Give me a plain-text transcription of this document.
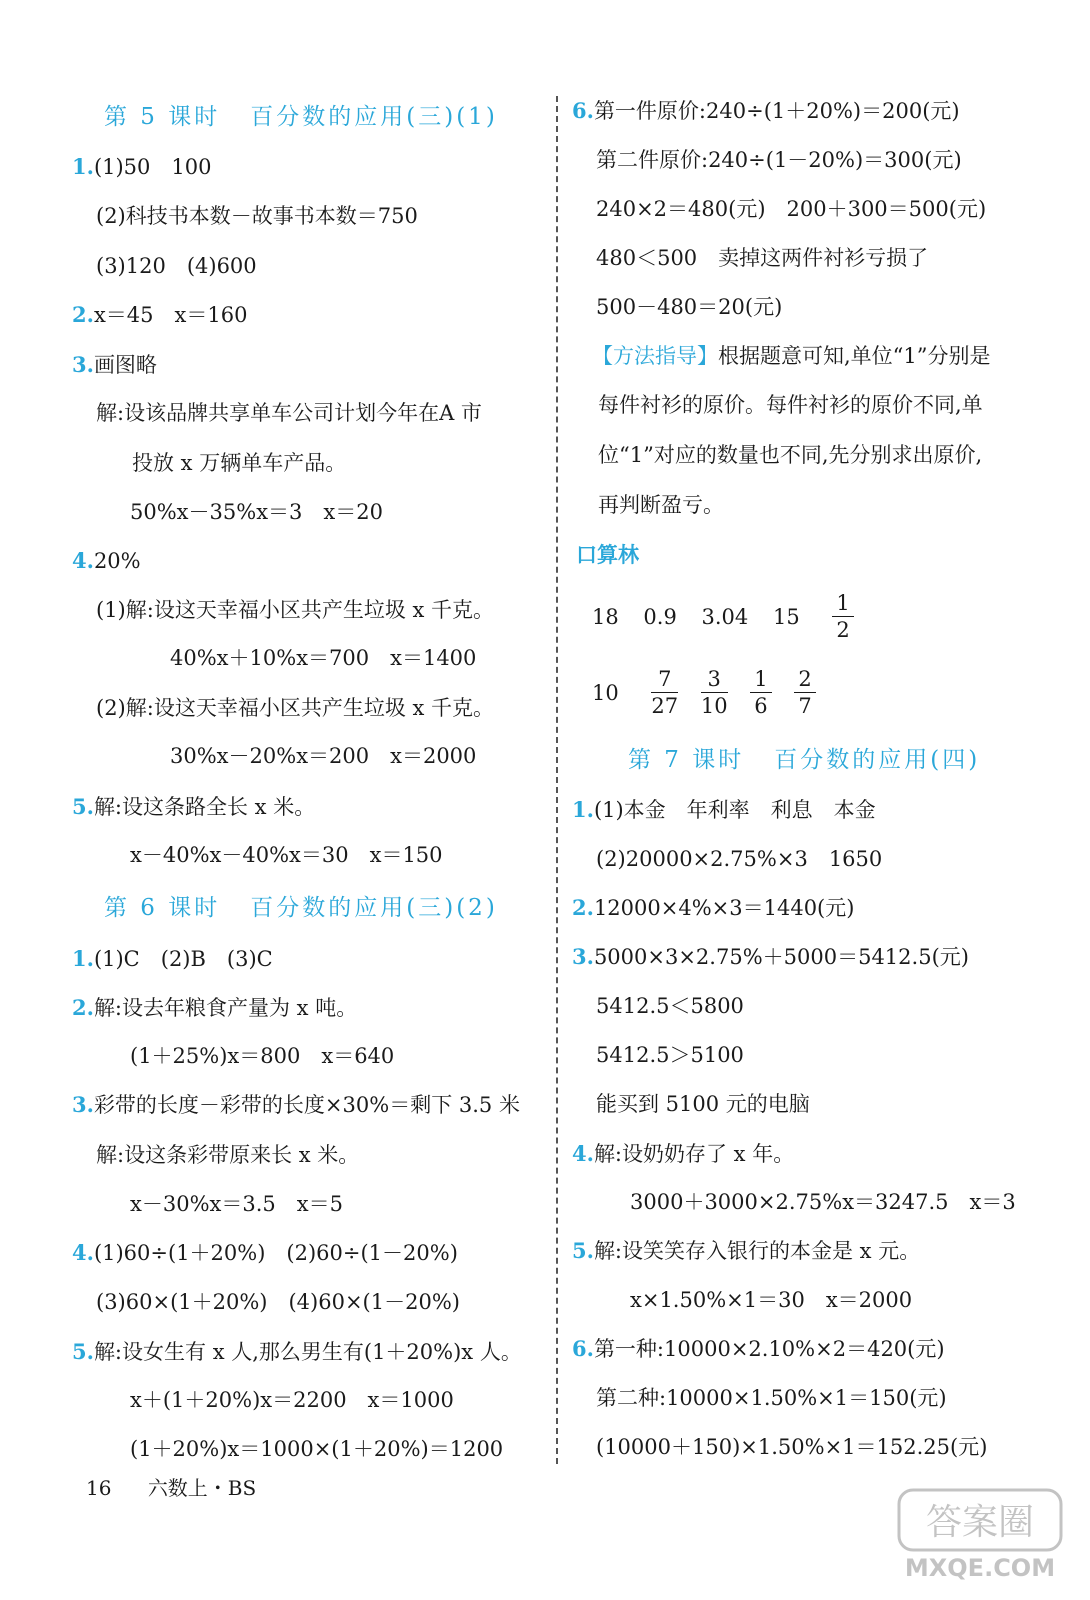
第 5 课时 百分数的应用(三)(1)
1.(1)50　100
(2)科技书本数－故事书本数＝750
(3)120　(4)600
2.x＝45　x＝160
3.画图略
解:设该品牌共享单车公司计划今年在A 市
投放 x 万辆单车产品。
50%x－35%x＝3　x＝20
4.20%
(1)解:设这天幸福小区共产生垃圾 x 千克。
40%x＋10%x＝700　x＝1400
(2)解:设这天幸福小区共产生垃圾 x 千克。
30%x－20%x＝200　x＝2000
5.解:设这条路全长 x 米。
x－40%x－40%x＝30　x＝150
第 6 课时 百分数的应用(三)(2)
1.(1)C　(2)B　(3)C
2.解:设去年粮食产量为 x 吨。
(1＋25%)x＝800　x＝640
3.彩带的长度－彩带的长度×30%＝剩下 3.5 米
解:设这条彩带原来长 x 米。
x－30%x＝3.5　x＝5
4.(1)60÷(1＋20%)　(2)60÷(1－20%)
(3)60×(1＋20%)　(4)60×(1－20%)
5.解:设女生有 x 人,那么男生有(1＋20%)x 人。
x＋(1＋20%)x＝2200　x＝1000
(1＋20%)x＝1000×(1＋20%)＝1200
6.第一件原价:240÷(1＋20%)＝200(元)
第二件原价:240÷(1－20%)＝300(元)
240×2＝480(元)　200＋300＝500(元)
480＜500　卖掉这两件衬衫亏损了
500－480＝20(元)
【方法指导】根据题意可知,单位“1”分别是
每件衬衫的原价。每件衬衫的原价不同,单
位“1”对应的数量也不同,先分别求出原价,
再判断盈亏。
口算林
18 0.9 3.04 $15 \frac{1}{2}$
$10 \frac{7}{27}$
$\frac{3}{10}$
$\frac{1}{6}$
$\frac{2}{7}$
第 7 课时 百分数的应用(四)
1.(1)本金　年利率　利息　本金
(2)20000×2.75%×3　1650
2.12000×4%×3＝1440(元)
3.5000×3×2.75%＋5000＝5412.5(元)
5412.5＜5800
5412.5＞5100
能买到 5100 元的电脑
4.解:设奶奶存了 x 年。
3000＋3000×2.75%x＝3247.5　x＝3
5.解:设笑笑存入银行的本金是 x 元。
x×1.50%×1＝30　x＝2000
6.第一种:10000×2.10%×2＝420(元)
第二种:10000×1.50%×1＝150(元)
(10000＋150)×1.50%×1＝152.25(元)
16 六数上・BS
答案圈
MXQE.COM
